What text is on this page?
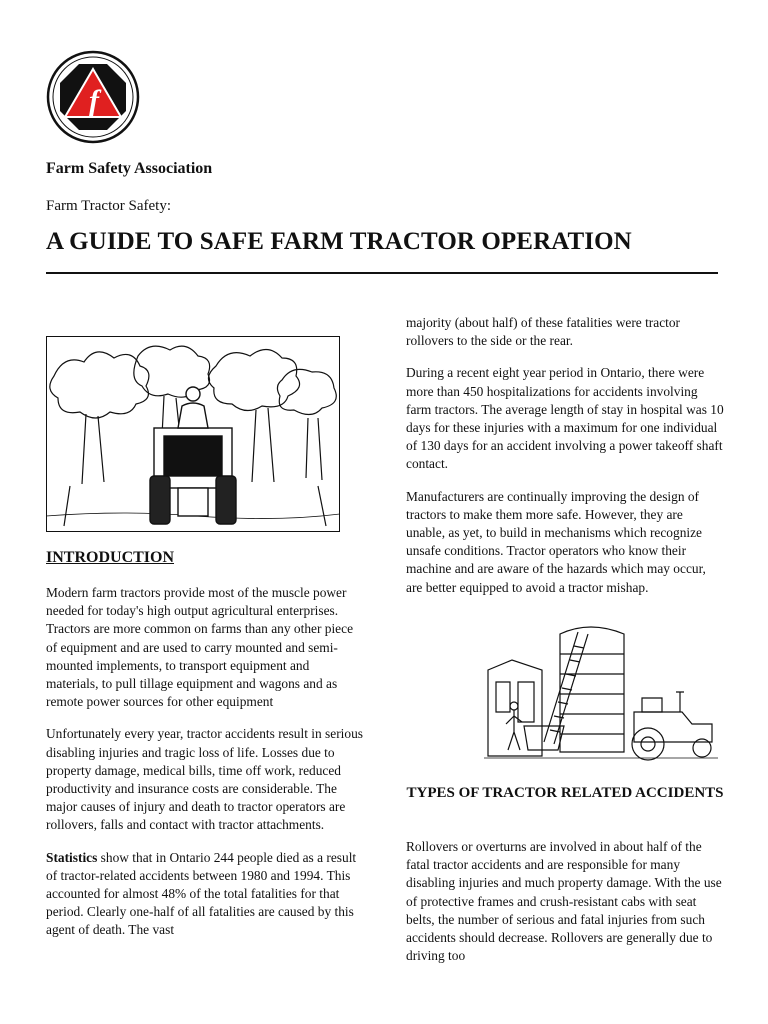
f
Farm Safety Association
Farm Tractor Safety:
A GUIDE TO SAFE FARM TRACTOR OPERATION
INTRODUCTION

Modern farm tractors provide most of the muscle power needed for today's high output agricultural enterprises. Tractors are more common on farms than any other piece of equipment and are used to carry mounted and semi-mounted implements, to transport equipment and materials, to pull tillage equipment and wagons and as remote power sources for other equipment

Unfortunately every year, tractor accidents result in serious disabling injuries and tragic loss of life. Losses due to property damage, medical bills, time off work, reduced productivity and insurance costs are considerable. The major causes of injury and death to tractor operators are rollovers, falls and contact with tractor attachments.

Statistics show that in Ontario 244 people died as a result of tractor-related accidents between 1980 and 1994. This accounted for almost 48% of the total fatalities for that period. Clearly one-half of all fatalities are caused by this agent of death. The vast

majority (about half) of these fatalities were tractor rollovers to the side or the rear.

During a recent eight year period in Ontario, there were more than 450 hospitalizations for accidents involving farm tractors. The average length of stay in hospital was 10 days for these injuries with a maximum for one individual of 130 days for an accident involving a power takeoff shaft contact.

Manufacturers are continually improving the design of tractors to make them more safe. However, they are unable, as yet, to build in mechanisms which recognize unsafe conditions. Tractor operators who know their machine and are aware of the hazards which may occur, are better equipped to avoid a tractor mishap.

TYPES OF TRACTOR RELATED ACCIDENTS

Rollovers or overturns are involved in about half of the fatal tractor accidents and are responsible for many disabling injuries and much property damage. With the use of protective frames and crush-resistant cabs with seat belts, the number of serious and fatal injuries from such accidents should decrease. Rollovers are generally due to driving too
